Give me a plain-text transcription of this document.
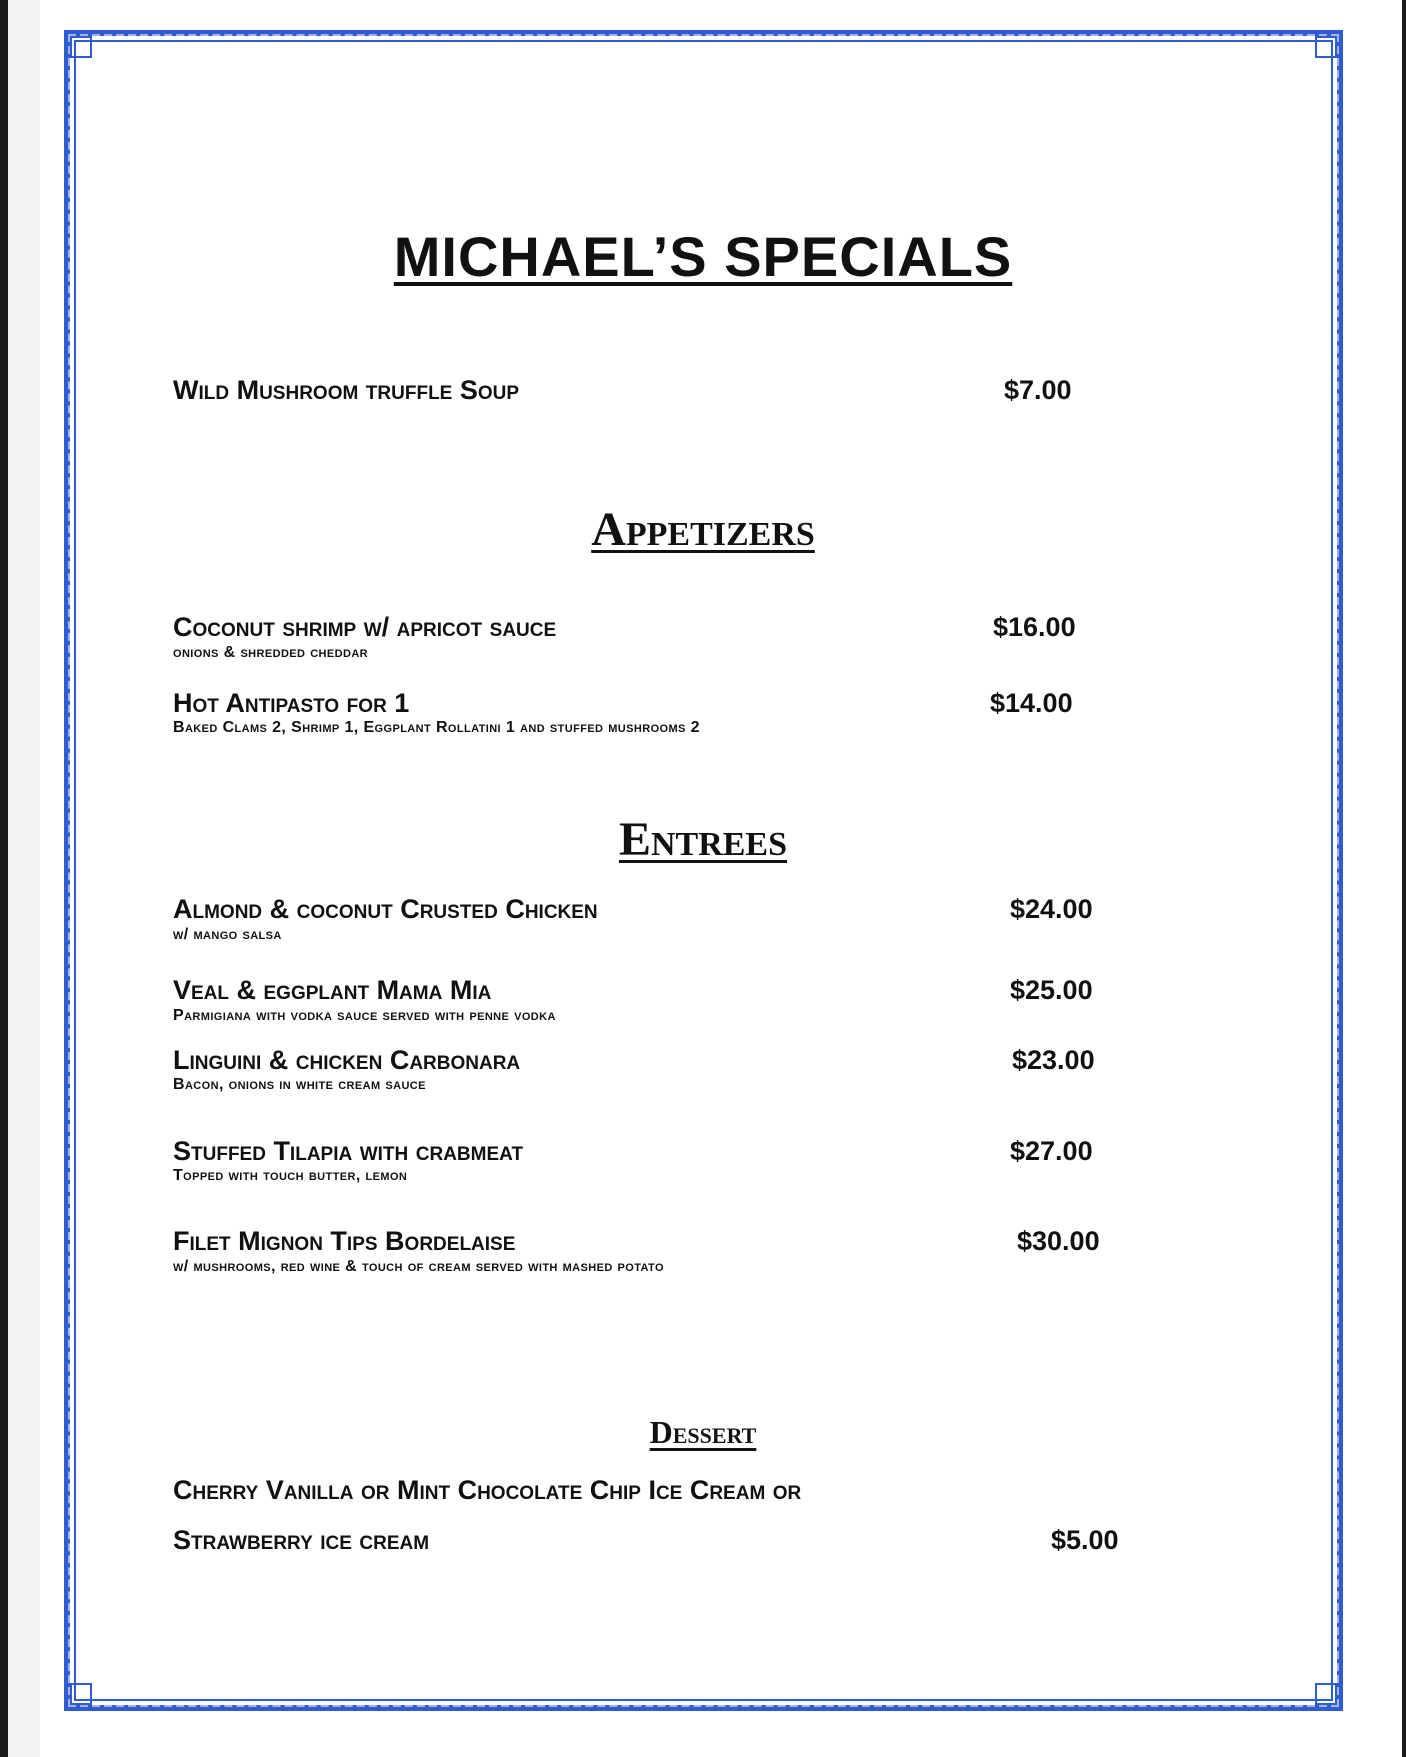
MICHAEL’S SPECIALS
Wild Mushroom truffle Soup	$7.00
Appetizers
Coconut shrimp w/ apricot sauce
onions & shredded cheddar
$16.00
Hot Antipasto for 1
Baked Clams 2, Shrimp 1, Eggplant Rollatini 1 and stuffed mushrooms 2
$14.00
Entrees
Almond & coconut Crusted Chicken
w/ mango salsa
$24.00
Veal & eggplant Mama Mia
Parmigiana with vodka sauce served with penne vodka
$25.00
Linguini & chicken Carbonara
Bacon, onions in white cream sauce
$23.00
Stuffed Tilapia with crabmeat
Topped with touch butter, lemon
$27.00
Filet Mignon Tips Bordelaise
w/ mushrooms, red wine & touch of cream served with mashed potato
$30.00
Dessert
Cherry Vanilla or Mint Chocolate Chip Ice Cream or
Strawberry ice cream	$5.00
